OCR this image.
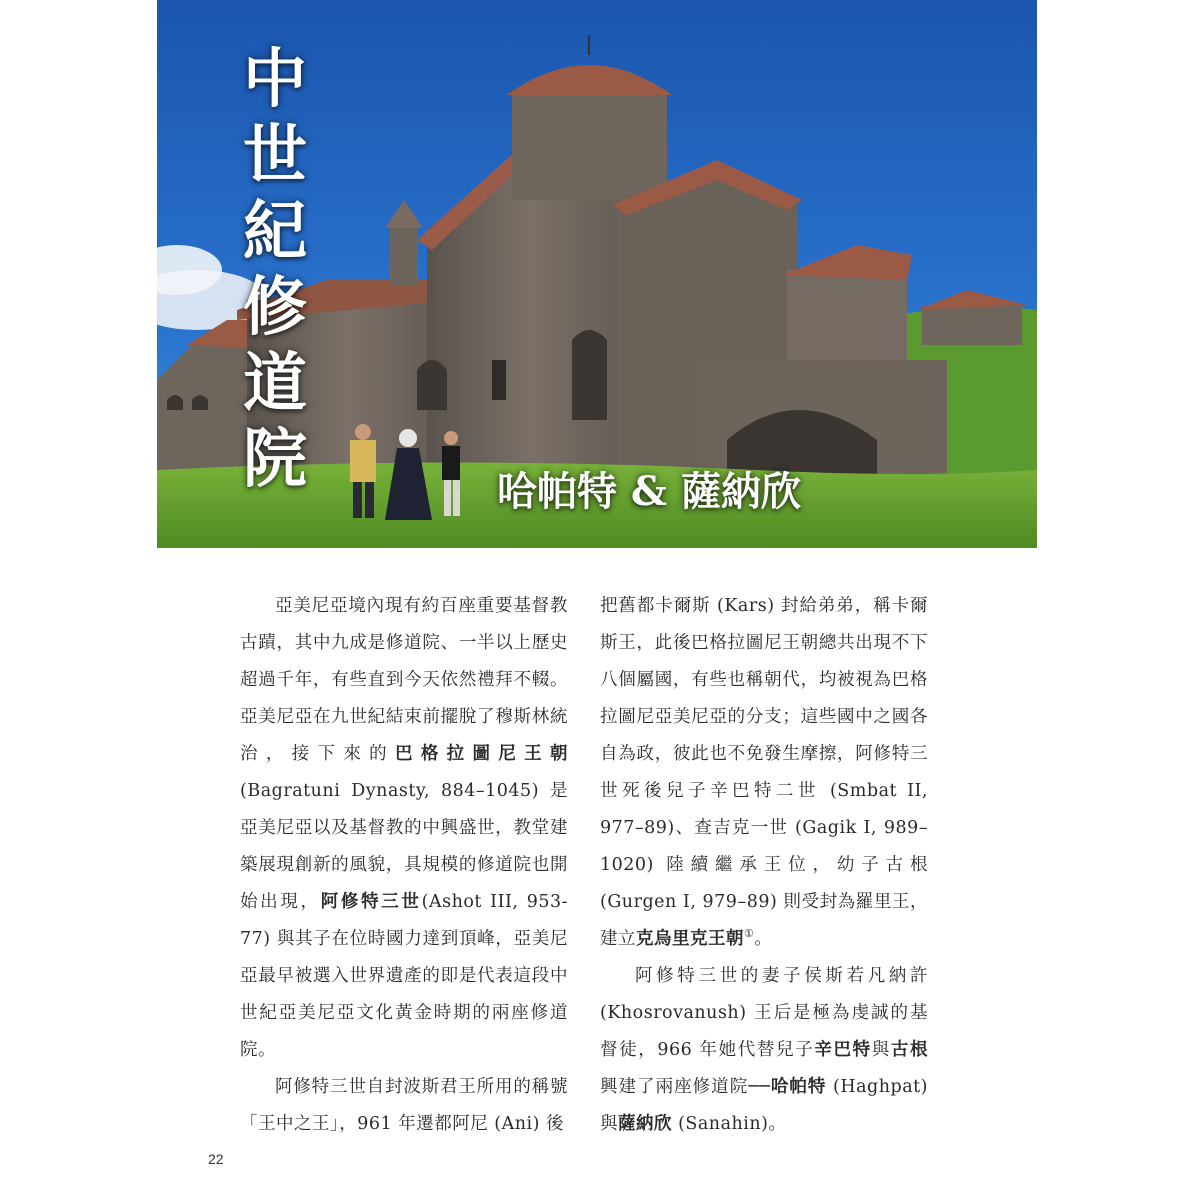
中
世
紀
修
道
院	哈帕特 & 薩納欣

亞美尼亞境內現有約百座重要基督教古蹟，其中九成是修道院、一半以上歷史超過千年，有些直到今天依然禮拜不輟。亞美尼亞在九世紀結束前擺脫了穆斯林統治，接下來的巴格拉圖尼王朝(Bagratuni Dynasty, 884–1045) 是亞美尼亞以及基督教的中興盛世，教堂建築展現創新的風貌，具規模的修道院也開始出現，阿修特三世(Ashot III, 953-77) 與其子在位時國力達到頂峰，亞美尼亞最早被選入世界遺產的即是代表這段中世紀亞美尼亞文化黃金時期的兩座修道院。

阿修特三世自封波斯君王所用的稱號「王中之王」，961 年遷都阿尼 (Ani) 後

把舊都卡爾斯 (Kars) 封給弟弟，稱卡爾斯王，此後巴格拉圖尼王朝總共出現不下八個屬國，有些也稱朝代，均被視為巴格拉圖尼亞美尼亞的分支；這些國中之國各自為政，彼此也不免發生摩擦，阿修特三世死後兒子辛巴特二世 (Smbat II, 977–89)、查吉克一世 (Gagik I, 989–1020) 陸續繼承王位，幼子古根 (Gurgen I, 979–89) 則受封為羅里王，建立克烏里克王朝①。

阿修特三世的妻子侯斯若凡納許 (Khosrovanush) 王后是極為虔誠的基督徒，966 年她代替兒子辛巴特與古根興建了兩座修道院──哈帕特 (Haghpat) 與薩納欣 (Sanahin)。

22
